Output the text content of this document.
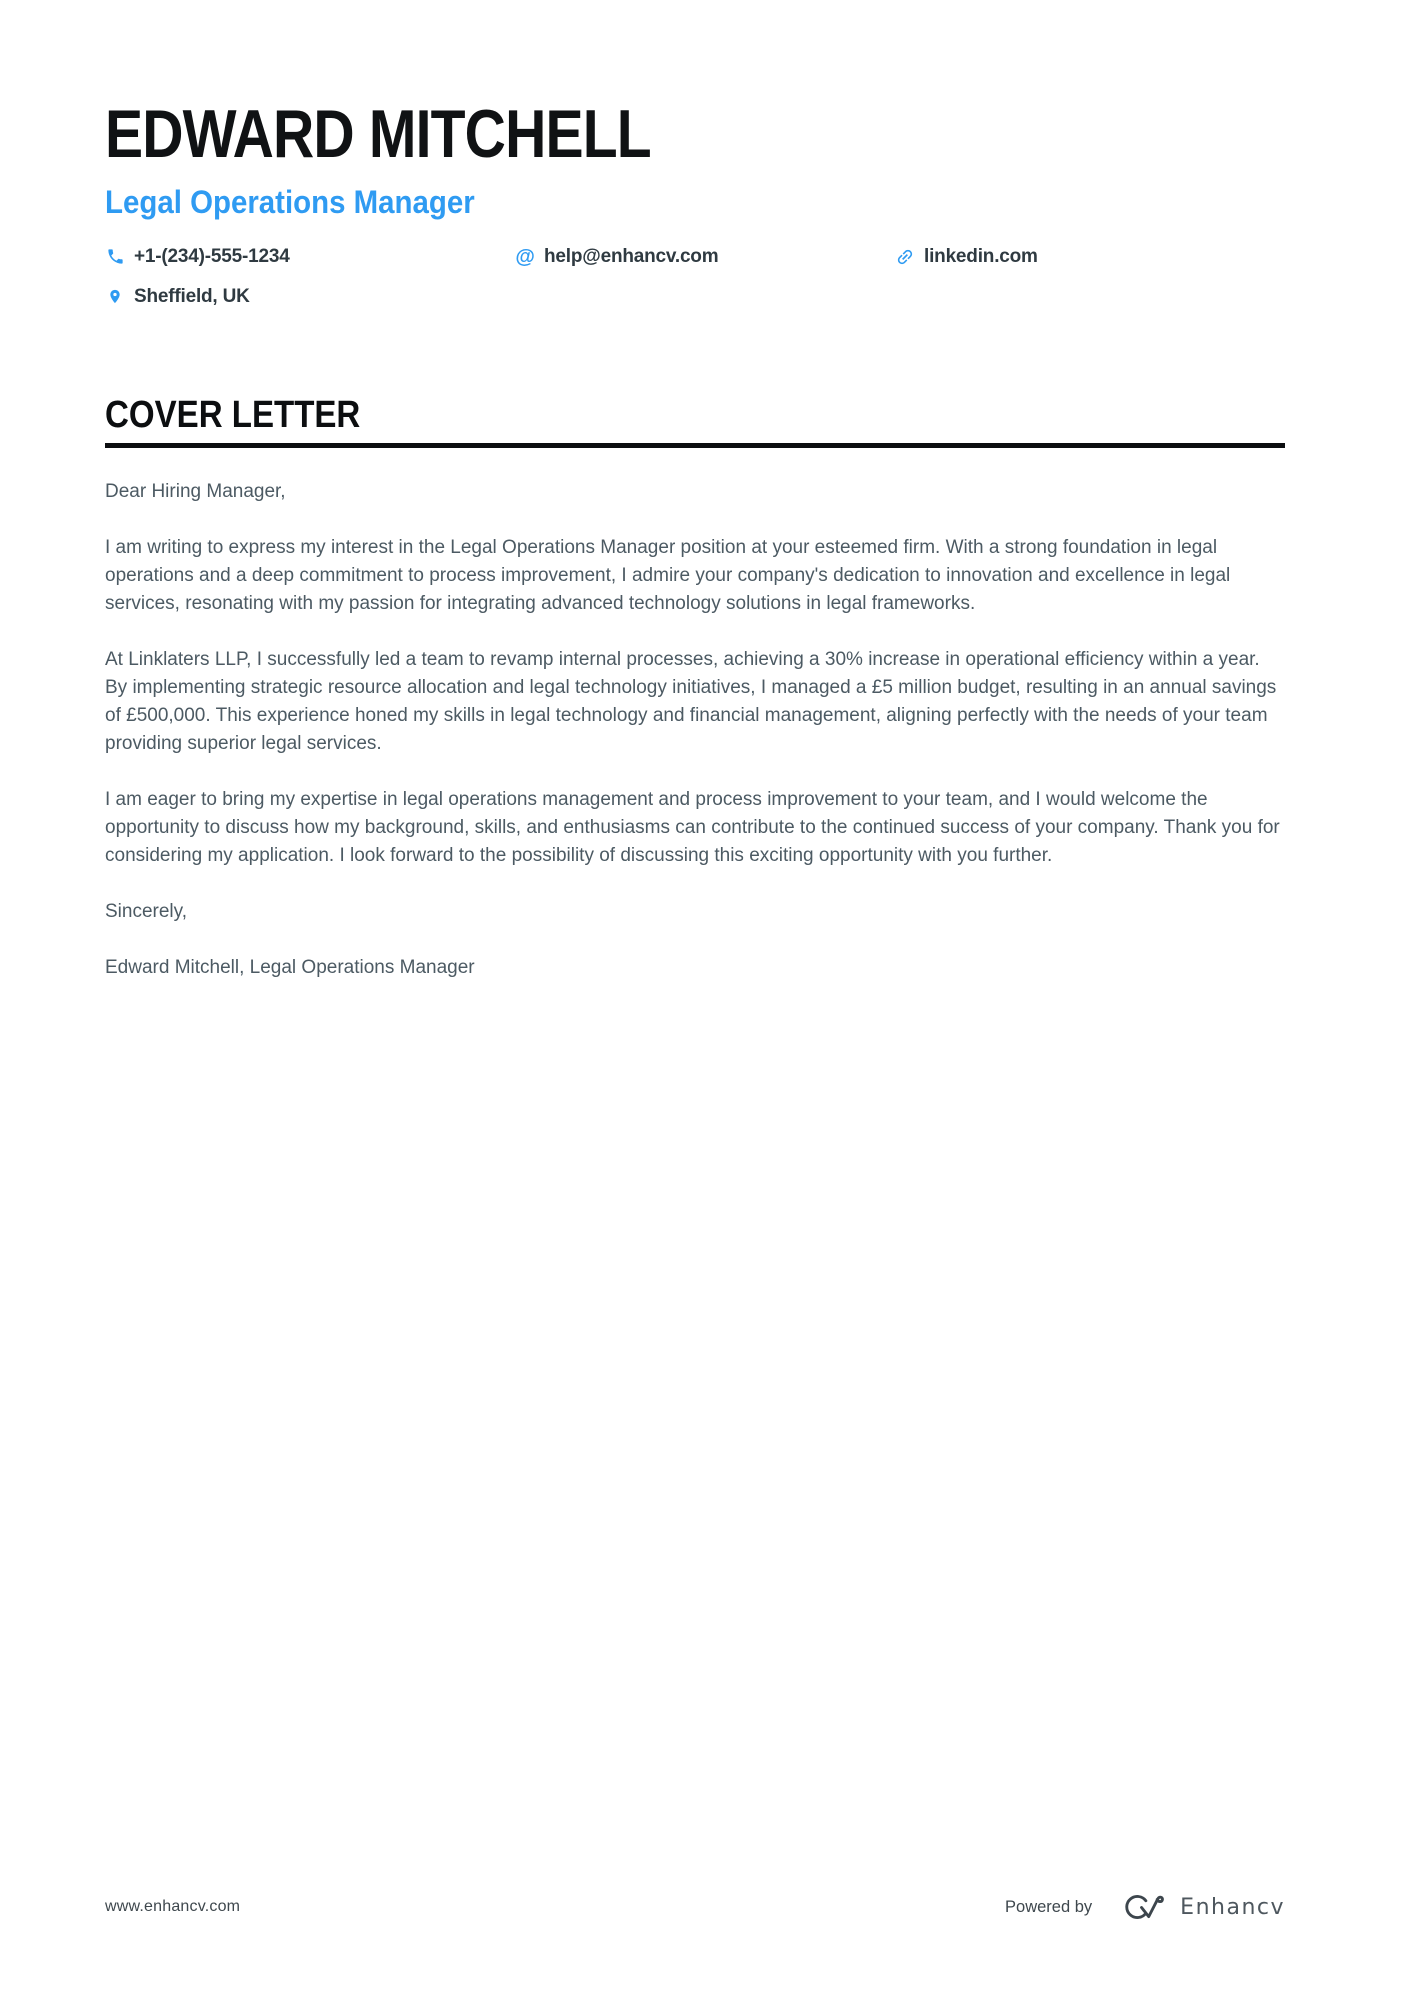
EDWARD MITCHELL
Legal Operations Manager
+1-(234)-555-1234	@ help@enhancv.com	linkedin.com
Sheffield, UK
COVER LETTER

Dear Hiring Manager,

I am writing to express my interest in the Legal Operations Manager position at your esteemed firm. With a strong foundation in legal operations and a deep commitment to process improvement, I admire your company's dedication to innovation and excellence in legal services, resonating with my passion for integrating advanced technology solutions in legal frameworks.

At Linklaters LLP, I successfully led a team to revamp internal processes, achieving a 30% increase in operational efficiency within a year. By implementing strategic resource allocation and legal technology initiatives, I managed a £5 million budget, resulting in an annual savings of £500,000. This experience honed my skills in legal technology and financial management, aligning perfectly with the needs of your team providing superior legal services.

I am eager to bring my expertise in legal operations management and process improvement to your team, and I would welcome the opportunity to discuss how my background, skills, and enthusiasms can contribute to the continued success of your company. Thank you for considering my application. I look forward to the possibility of discussing this exciting opportunity with you further.

Sincerely,

Edward Mitchell, Legal Operations Manager

www.enhancv.com	Powered by	Enhancv
